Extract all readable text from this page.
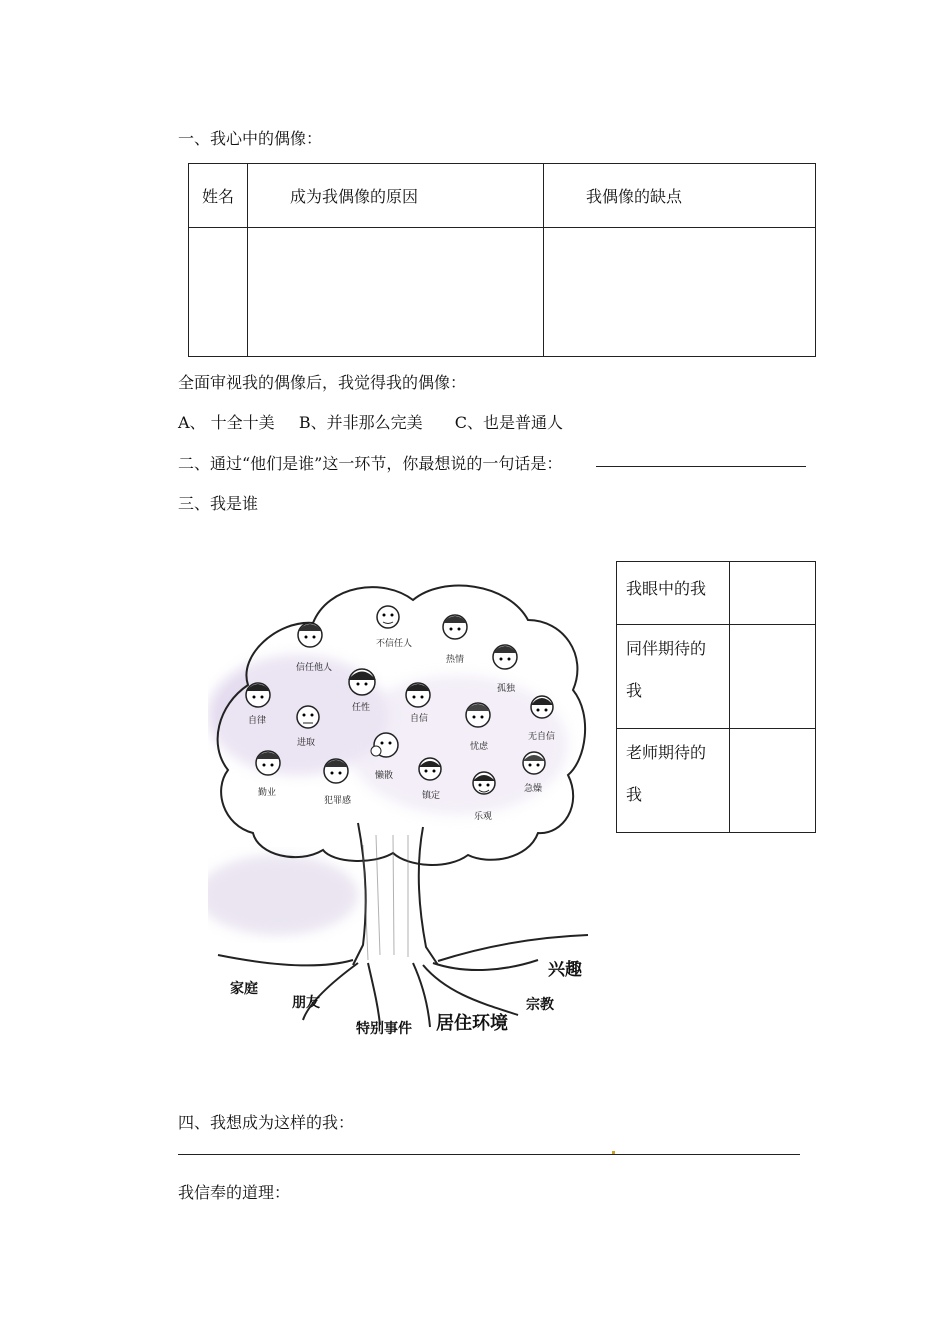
一、我心中的偶像：
姓名	成为我偶像的原因	我偶像的缺点

全面审视我的偶像后，我觉得我的偶像：
A、 十全十美 B、并非那么完美 C、也是普通人
二、通过“他们是谁”这一环节，你最想说的一句话是：
三、我是谁
不信任人
热情
信任他人
孤独
任性
自信
自律
进取	忧虑
无自信
懒散
勤业
犯罪感	镇定
急燥
乐观
兴趣
家庭
朋友	宗教
特别事件 居住环境
我眼中的我	

同伴期待的
我	

老师期待的
我	

四、我想成为这样的我：
我信奉的道理：
